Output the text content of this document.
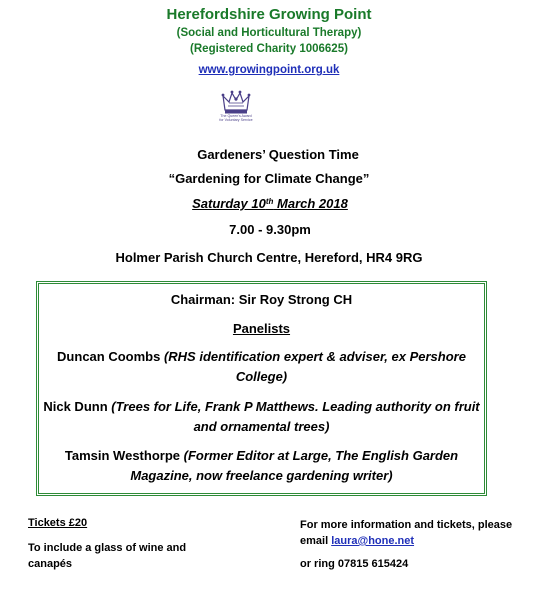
Herefordshire Growing Point
(Social and Horticultural Therapy)
(Registered Charity 1006625)
www.growingpoint.org.uk
The Queen's Award
for Voluntary Service
Gardeners’ Question Time
“Gardening for Climate Change”
Saturday 10th March 2018
7.00 - 9.30pm
Holmer Parish Church Centre, Hereford, HR4 9RG
Chairman: Sir Roy Strong CH
Panelists
Duncan Coombs (RHS identification expert & adviser, ex Pershore College)
Nick Dunn (Trees for Life, Frank P Matthews. Leading authority on fruit and ornamental trees)
Tamsin Westhorpe (Former Editor at Large, The English Garden Magazine, now freelance gardening writer)
Tickets £20
To include a glass of wine and canapés
For more information and tickets, please email laura@hone.net
or ring 07815 615424
